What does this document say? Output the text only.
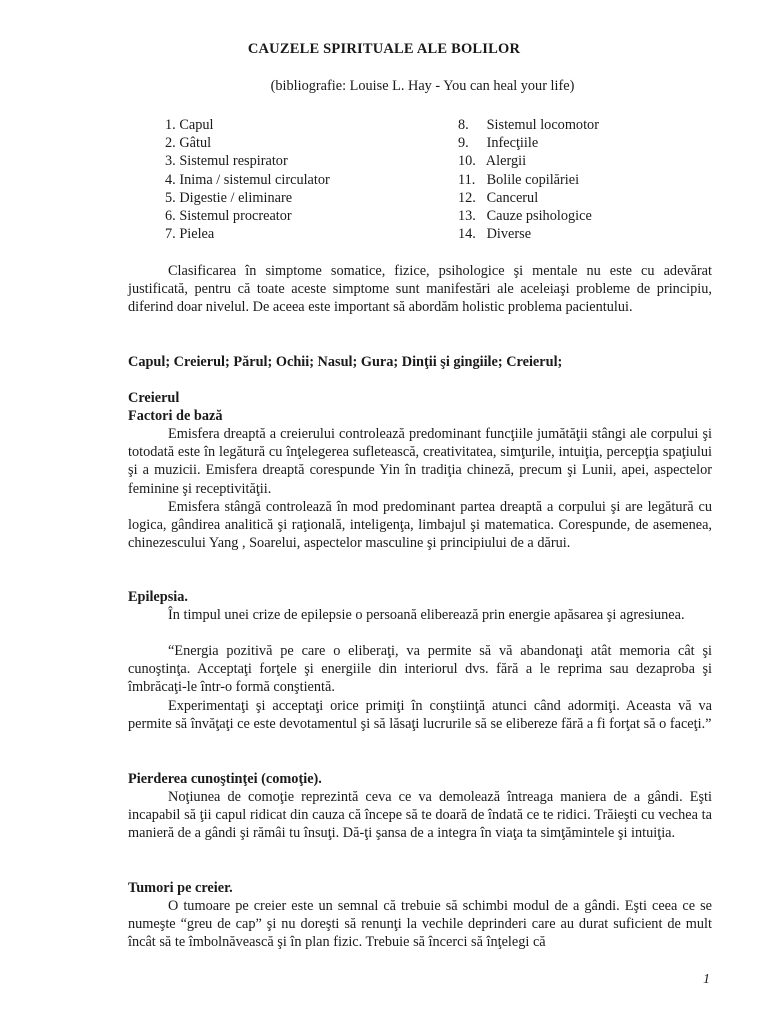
CAUZELE SPIRITUALE ALE BOLILOR
(bibliografie: Louise L. Hay - You can heal your life)
1. Capul
2. Gâtul
3. Sistemul respirator
4. Inima / sistemul circulator
5. Digestie / eliminare
6. Sistemul procreator
7. Pielea
8. Sistemul locomotor
9. Infecţiile
10. Alergii
11. Bolile copilăriei
12. Cancerul
13. Cauze psihologice
14. Diverse

Clasificarea în simptome somatice, fizice, psihologice şi mentale nu este cu adevărat justificată, pentru că toate aceste simptome sunt manifestări ale aceleiaşi probleme de principiu, diferind doar nivelul. De aceea este important să abordăm holistic problema pacientului.

Capul; Creierul; Părul; Ochii; Nasul; Gura; Dinţii şi gingiile; Creierul;

Creierul

Factori de bază

Emisfera dreaptă a creierului controlează predominant funcţiile jumătăţii stângi ale corpului şi totodată este în legătură cu înţelegerea sufletească, creativitatea, simţurile, intuiţia, percepţia spaţiului şi a muzicii. Emisfera dreaptă corespunde Yin în tradiţia chineză, precum şi Lunii, apei, aspectelor feminine şi receptivităţii.

Emisfera stângă controlează în mod predominant partea dreaptă a corpului şi are legătură cu logica, gândirea analitică şi raţională, inteligenţa, limbajul şi matematica. Corespunde, de asemenea, chinezescului Yang , Soarelui, aspectelor masculine şi principiului de a dărui.

Epilepsia.

În timpul unei crize de epilepsie o persoană eliberează prin energie apăsarea şi agresiunea.

“Energia pozitivă pe care o eliberaţi, va permite să vă abandonaţi atât memoria cât şi cunoştinţa. Acceptaţi forţele şi energiile din interiorul dvs. fără a le reprima sau dezaproba şi îmbrăcaţi-le într-o formă conştientă.

Experimentaţi şi acceptaţi orice primiţi în conştiinţă atunci când adormiţi. Aceasta vă va permite să învăţaţi ce este devotamentul şi să lăsaţi lucrurile să se elibereze fără a fi forţat să o faceţi.”

Pierderea cunoştinţei (comoţie).

Noţiunea de comoţie reprezintă ceva ce va demolează întreaga maniera de a gândi. Eşti incapabil să ţii capul ridicat din cauza că începe să te doară de îndată ce te ridici. Trăieşti cu vechea ta manieră de a gândi şi rămâi tu însuţi. Dă-ţi şansa de a integra în viaţa ta simţămintele şi intuiţia.

Tumori pe creier.

O tumoare pe creier este un semnal că trebuie să schimbi modul de a gândi. Eşti ceea ce se numeşte “greu de cap” şi nu doreşti să renunţi la vechile deprinderi care au durat suficient de mult încât să te îmbolnăvească şi în plan fizic. Trebuie să încerci să înţelegi că

1
